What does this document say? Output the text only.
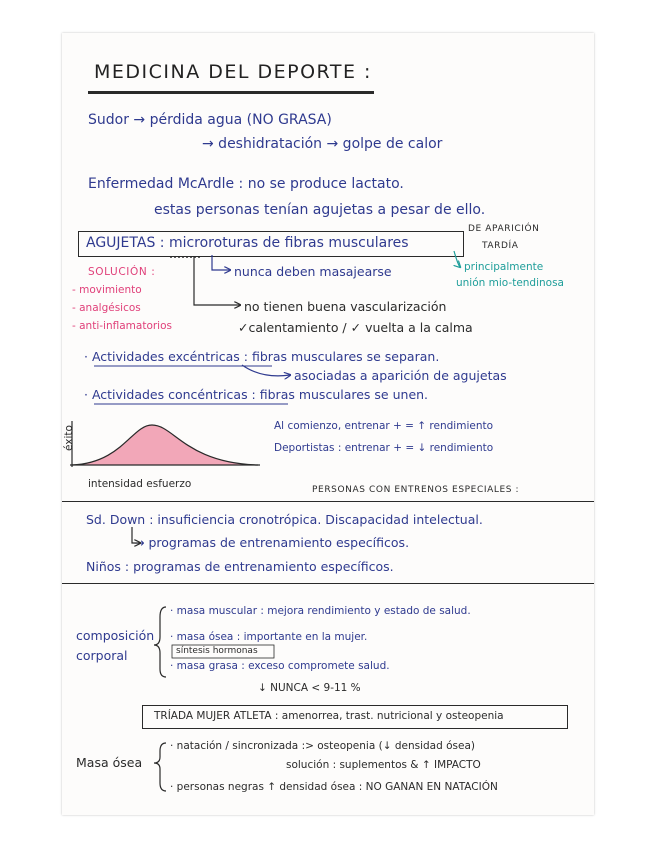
MEDICINA DEL DEPORTE :
Sudor → pérdida agua (NO GRASA)
→ deshidratación → golpe de calor
Enfermedad McArdle : no se produce lactato.
estas personas tenían agujetas a pesar de ello.
AGUJETAS : microroturas de fibras musculares
DE APARICIÓN
TARDÍA
SOLUCIÓN :
- movimiento
- analgésicos
- anti-inflamatorios
nunca deben masajearse	principalmente
unión mio-tendinosa
no tienen buena vascularización
✓calentamiento / ✓ vuelta a la calma
· Actividades excéntricas : fibras musculares se separan.
asociadas a aparición de agujetas
· Actividades concéntricas : fibras musculares se unen.
éxito
intensidad esfuerzo
Al comienzo, entrenar + = ↑ rendimiento
Deportistas : entrenar + = ↓ rendimiento
PERSONAS CON ENTRENOS ESPECIALES :
Sd. Down : insuficiencia cronotrópica. Discapacidad intelectual.
→ programas de entrenamiento específicos.
Niños : programas de entrenamiento específicos.
composición
corporal
· masa muscular : mejora rendimiento y estado de salud.
· masa ósea : importante en la mujer.
síntesis hormonas
· masa grasa : exceso compromete salud.
↓ NUNCA < 9-11 %
TRÍADA MUJER ATLETA : amenorrea, trast. nutricional y osteopenia
Masa ósea
· natación / sincronizada :> osteopenia (↓ densidad ósea)
solución : suplementos & ↑ IMPACTO
· personas negras ↑ densidad ósea : NO GANAN EN NATACIÓN
